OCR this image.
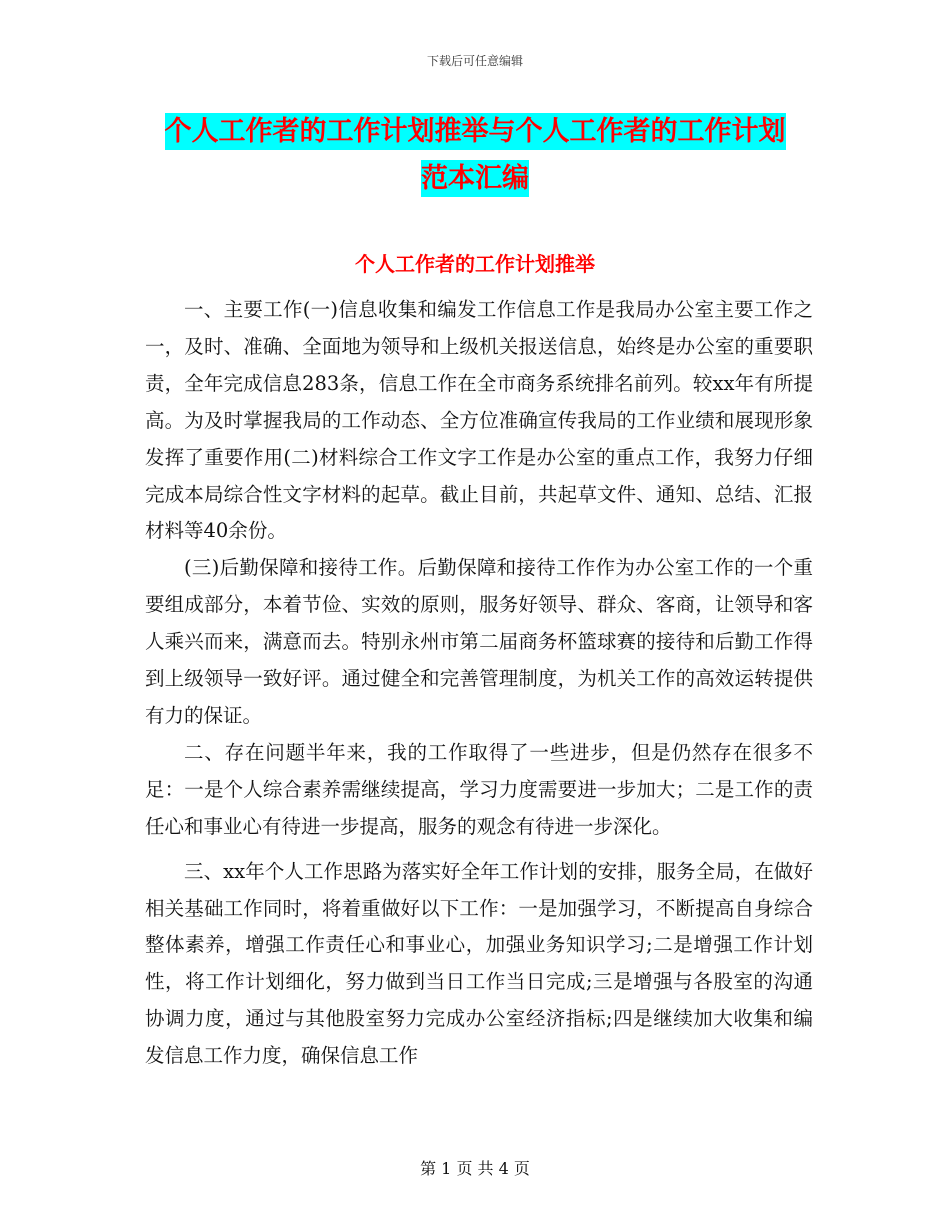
下载后可任意编辑
个人工作者的工作计划推举与个人工作者的工作计划
范本汇编
个人工作者的工作计划推举

一、主要工作(一)信息收集和编发工作信息工作是我局办公室主要工作之一，及时、准确、全面地为领导和上级机关报送信息，始终是办公室的重要职责，全年完成信息283条，信息工作在全市商务系统排名前列。较xx年有所提高。为及时掌握我局的工作动态、全方位准确宣传我局的工作业绩和展现形象发挥了重要作用(二)材料综合工作文字工作是办公室的重点工作，我努力仔细完成本局综合性文字材料的起草。截止目前，共起草文件、通知、总结、汇报材料等40余份。

(三)后勤保障和接待工作。后勤保障和接待工作作为办公室工作的一个重要组成部分，本着节俭、实效的原则，服务好领导、群众、客商，让领导和客人乘兴而来，满意而去。特别永州市第二届商务杯篮球赛的接待和后勤工作得到上级领导一致好评。通过健全和完善管理制度，为机关工作的高效运转提供有力的保证。

二、存在问题半年来，我的工作取得了一些进步，但是仍然存在很多不足：一是个人综合素养需继续提高，学习力度需要进一步加大；二是工作的责任心和事业心有待进一步提高，服务的观念有待进一步深化。

三、xx年个人工作思路为落实好全年工作计划的安排，服务全局，在做好相关基础工作同时，将着重做好以下工作：一是加强学习，不断提高自身综合整体素养，增强工作责任心和事业心，加强业务知识学习;二是增强工作计划性，将工作计划细化，努力做到当日工作当日完成;三是增强与各股室的沟通协调力度，通过与其他股室努力完成办公室经济指标;四是继续加大收集和编发信息工作力度，确保信息工作

第 1 页 共 4 页
